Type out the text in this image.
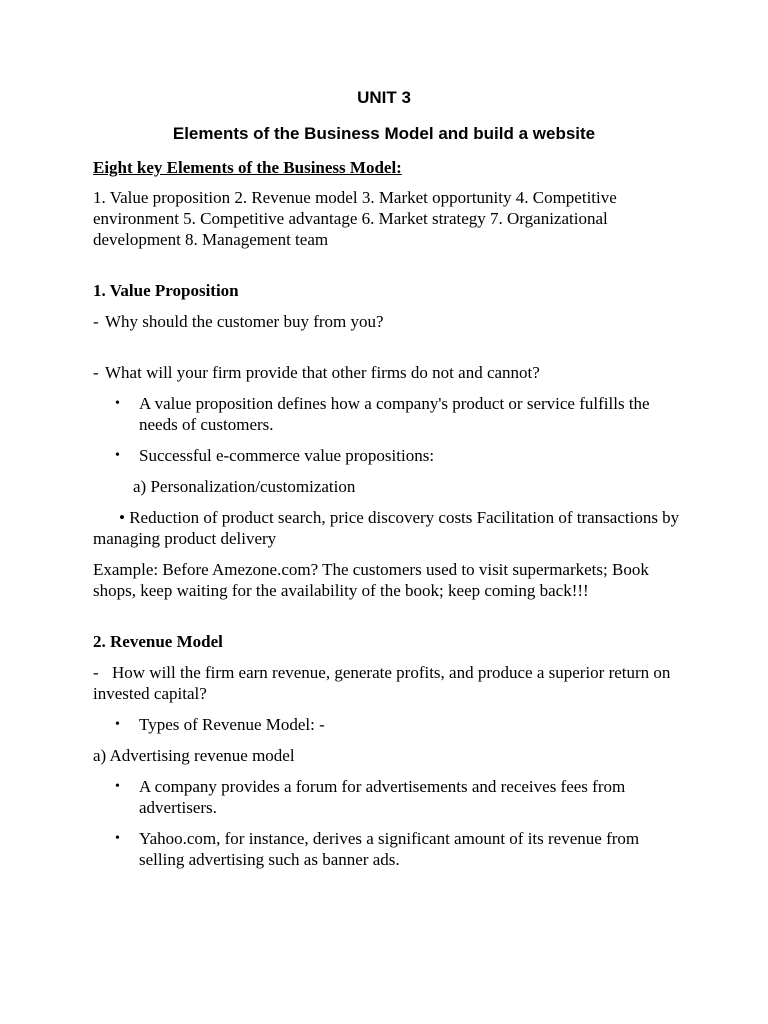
UNIT 3
Elements of the Business Model and build a website

Eight key Elements of the Business Model:

1. Value proposition 2. Revenue model 3. Market opportunity 4. Competitive environment 5. Competitive advantage 6. Market strategy 7. Organizational development 8. Management team

1. Value Proposition

- Why should the customer buy from you?

- What will your firm provide that other firms do not and cannot?

• A value proposition defines how a company's product or service fulfills the needs of customers.
• Successful e-commerce value propositions:

a) Personalization/customization

• Reduction of product search, price discovery costs Facilitation of transactions by managing product delivery

Example: Before Amezone.com? The customers used to visit supermarkets; Book shops, keep waiting for the availability of the book; keep coming back!!!

2. Revenue Model

- How will the firm earn revenue, generate profits, and produce a superior return on invested capital?

• Types of Revenue Model: -

a) Advertising revenue model

• A company provides a forum for advertisements and receives fees from advertisers.
• Yahoo.com, for instance, derives a significant amount of its revenue from selling advertising such as banner ads.
